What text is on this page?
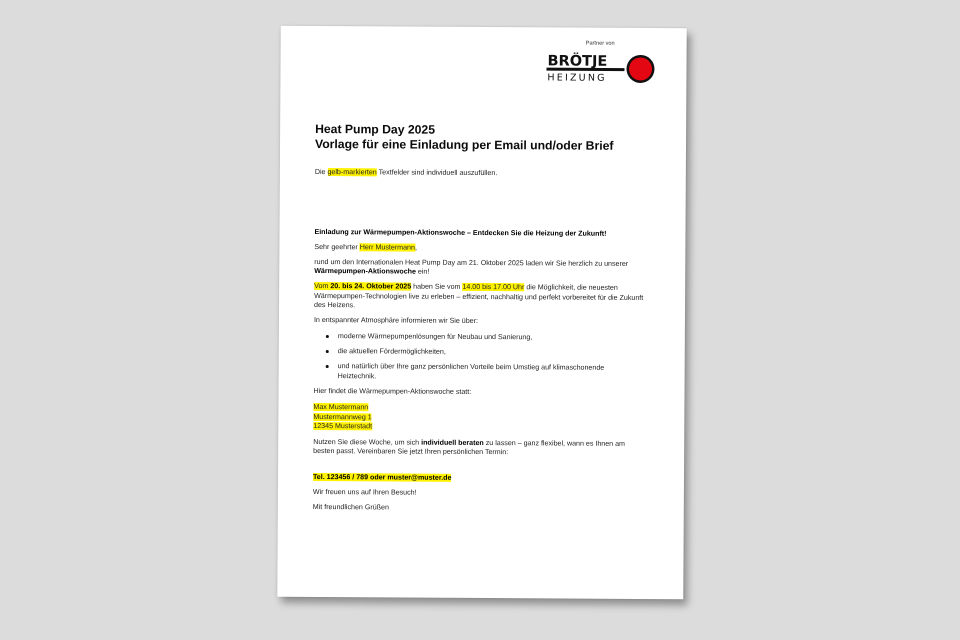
Partner von
BRÖTJE
HEIZUNG
Heat Pump Day 2025
Vorlage für eine Einladung per Email und/oder Brief

Die gelb-markierten Textfelder sind individuell auszufüllen.

Einladung zur Wärmepumpen-Aktionswoche – Entdecken Sie die Heizung der Zukunft!

Sehr geehrter Herr Mustermann,

rund um den Internationalen Heat Pump Day am 21. Oktober 2025 laden wir Sie herzlich zu unserer Wärmepumpen-Aktionswoche ein!

Vom 20. bis 24. Oktober 2025 haben Sie vom 14.00 bis 17.00 Uhr die Möglichkeit, die neuesten Wärmepumpen-Technologien live zu erleben – effizient, nachhaltig und perfekt vorbereitet für die Zukunft des Heizens.

In entspannter Atmosphäre informieren wir Sie über:

moderne Wärmepumpenlösungen für Neubau und Sanierung,
die aktuellen Fördermöglichkeiten,
und natürlich über Ihre ganz persönlichen Vorteile beim Umstieg auf klimaschonende Heiztechnik.

Hier findet die Wärmepumpen-Aktionswoche statt:

Max Mustermann

Mustermannweg 1

12345 Musterstadt

Nutzen Sie diese Woche, um sich individuell beraten zu lassen – ganz flexibel, wann es Ihnen am besten passt. Vereinbaren Sie jetzt Ihren persönlichen Termin:

Tel. 123456 / 789 oder muster@muster.de

Wir freuen uns auf Ihren Besuch!

Mit freundlichen Grüßen
